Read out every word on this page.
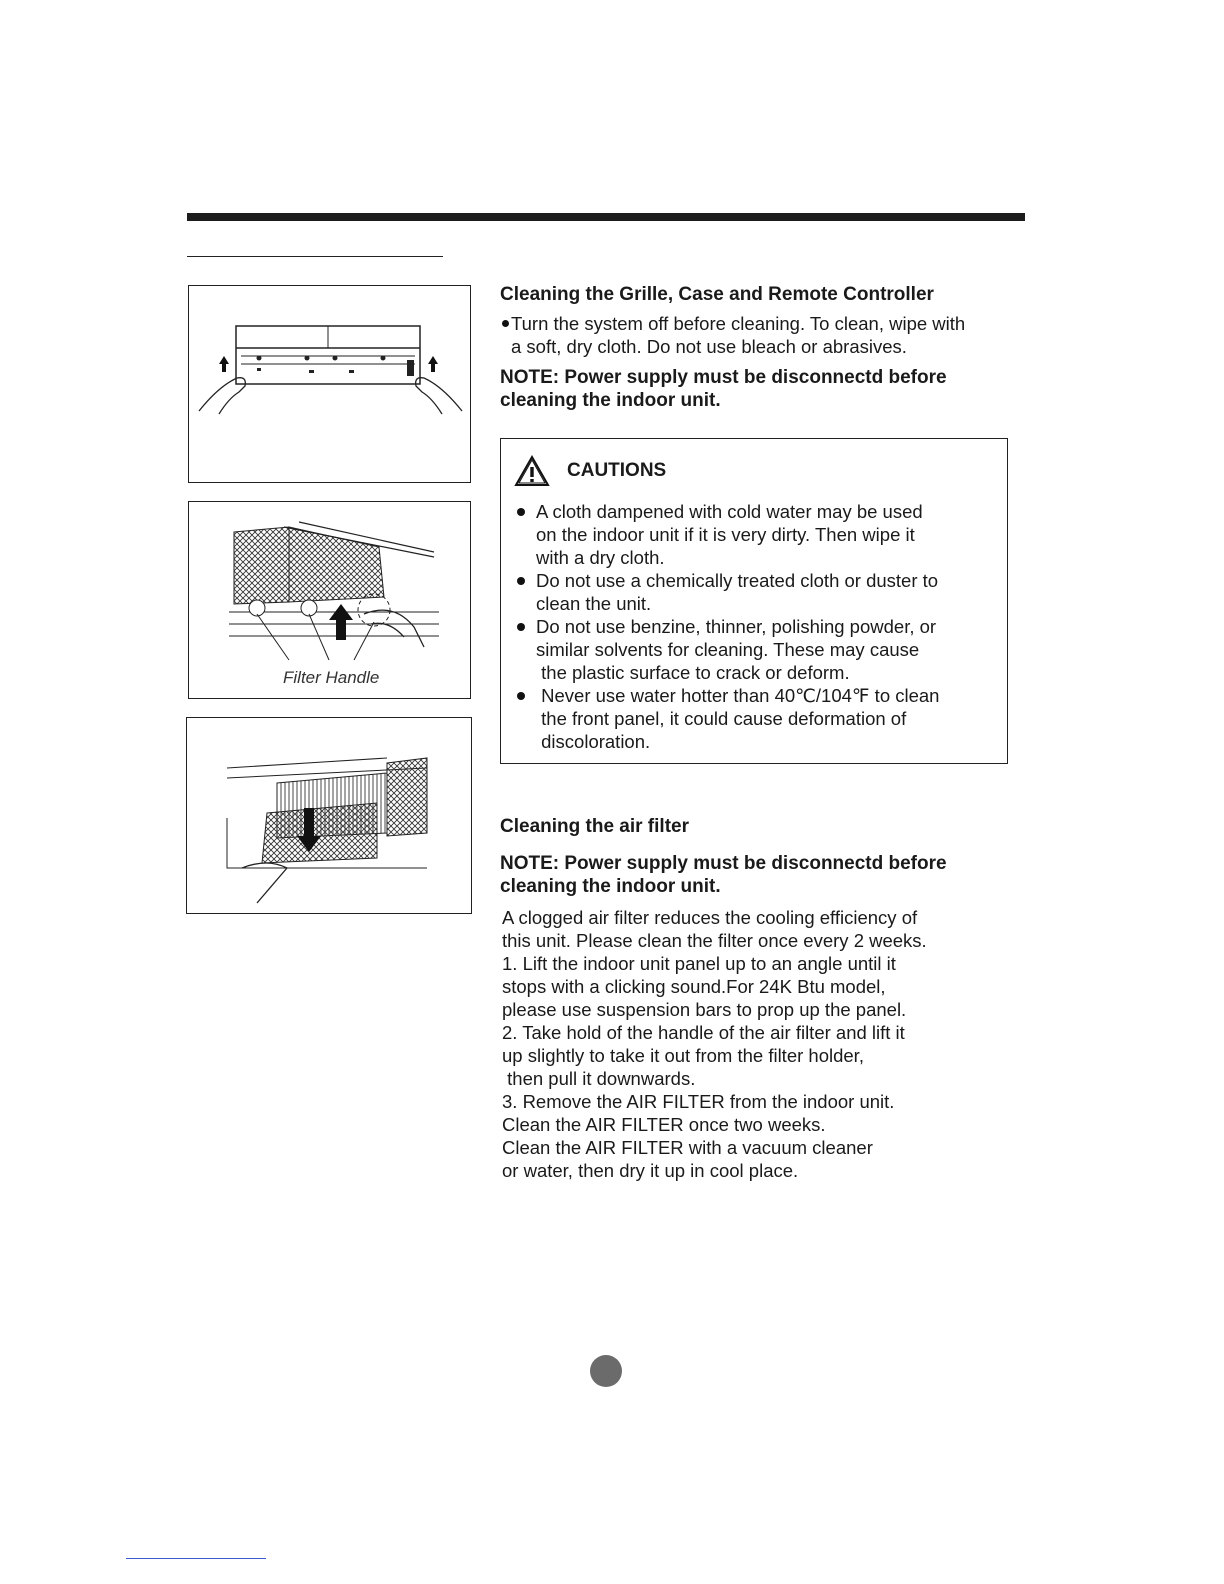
Filter Handle
Cleaning the Grille, Case and Remote Controller
Turn the system off before cleaning. To clean, wipe with
a soft, dry cloth. Do not use bleach or abrasives.
NOTE: Power supply must be disconnectd before
cleaning the indoor unit.
CAUTIONS
A cloth dampened with cold water may be used
on the indoor unit if it is very dirty. Then wipe it
with a dry cloth.
Do not use a chemically treated cloth or duster to
clean the unit.
Do not use benzine, thinner, polishing powder, or
similar solvents for cleaning. These may cause
the plastic surface to crack or deform.
Never use water hotter than 40℃/104℉ to clean
the front panel, it could cause deformation of
discoloration.
Cleaning the air filter
NOTE: Power supply must be disconnectd before
cleaning the indoor unit.
A clogged air filter reduces the cooling efficiency of
this unit. Please clean the filter once every 2 weeks.
1. Lift the indoor unit panel up to an angle until it
stops with a clicking sound.For 24K Btu model,
please use suspension bars to prop up the panel.
2. Take hold of the handle of the air filter and lift it
up slightly to take it out from the filter holder,
then pull it downwards.
3. Remove the AIR FILTER from the indoor unit.
Clean the AIR FILTER once two weeks.
Clean the AIR FILTER with a vacuum cleaner
or water, then dry it up in cool place.
